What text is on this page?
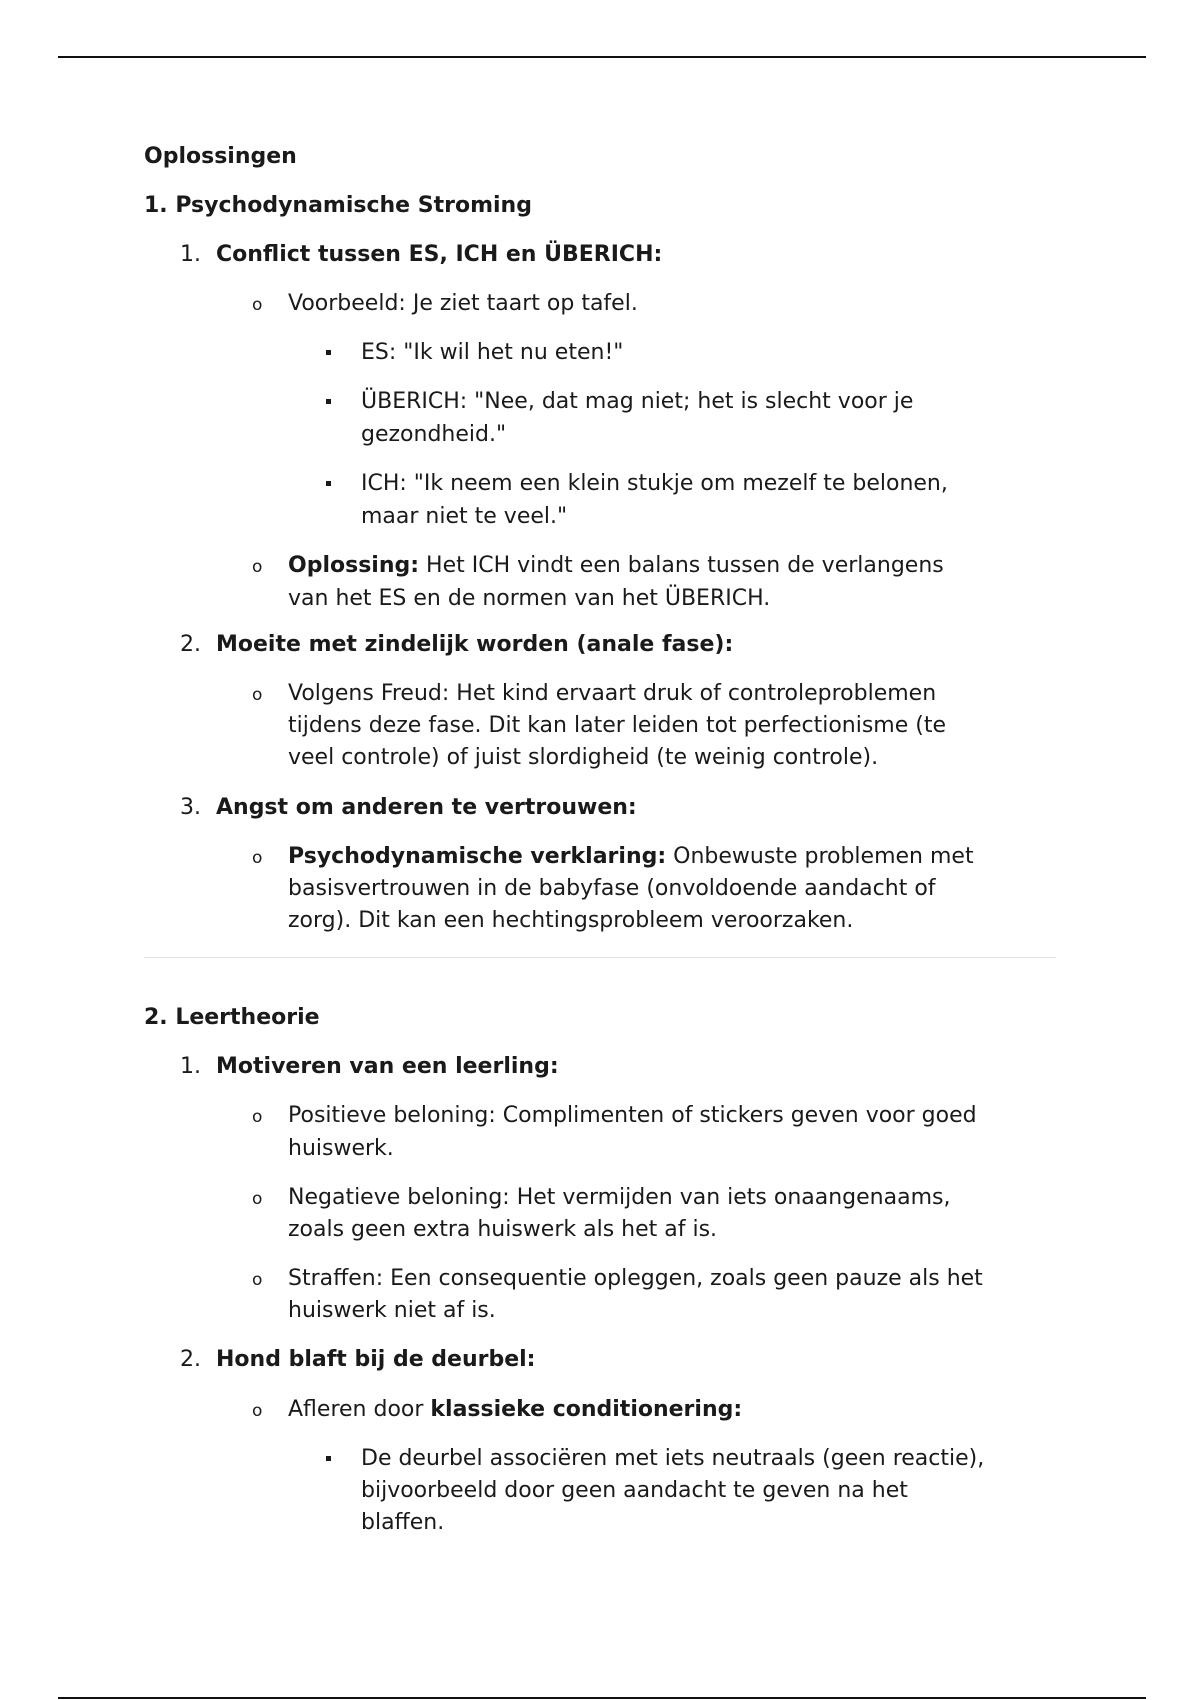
Oplossingen
1. Psychodynamische Stroming
1. Conflict tussen ES, ICH en ÜBERICH:
o Voorbeeld: Je ziet taart op tafel.
ES: "Ik wil het nu eten!"
ÜBERICH: "Nee, dat mag niet; het is slecht voor je
gezondheid."
ICH: "Ik neem een klein stukje om mezelf te belonen,
maar niet te veel."
o Oplossing: Het ICH vindt een balans tussen de verlangens
van het ES en de normen van het ÜBERICH.
2. Moeite met zindelijk worden (anale fase):
o Volgens Freud: Het kind ervaart druk of controleproblemen
tijdens deze fase. Dit kan later leiden tot perfectionisme (te
veel controle) of juist slordigheid (te weinig controle).
3. Angst om anderen te vertrouwen:
o Psychodynamische verklaring: Onbewuste problemen met
basisvertrouwen in de babyfase (onvoldoende aandacht of
zorg). Dit kan een hechtingsprobleem veroorzaken.
2. Leertheorie
1. Motiveren van een leerling:
o Positieve beloning: Complimenten of stickers geven voor goed
huiswerk.
o Negatieve beloning: Het vermijden van iets onaangenaams,
zoals geen extra huiswerk als het af is.
o Straffen: Een consequentie opleggen, zoals geen pauze als het
huiswerk niet af is.
2. Hond blaft bij de deurbel:
o Afleren door klassieke conditionering:
De deurbel associëren met iets neutraals (geen reactie),
bijvoorbeeld door geen aandacht te geven na het
blaffen.
